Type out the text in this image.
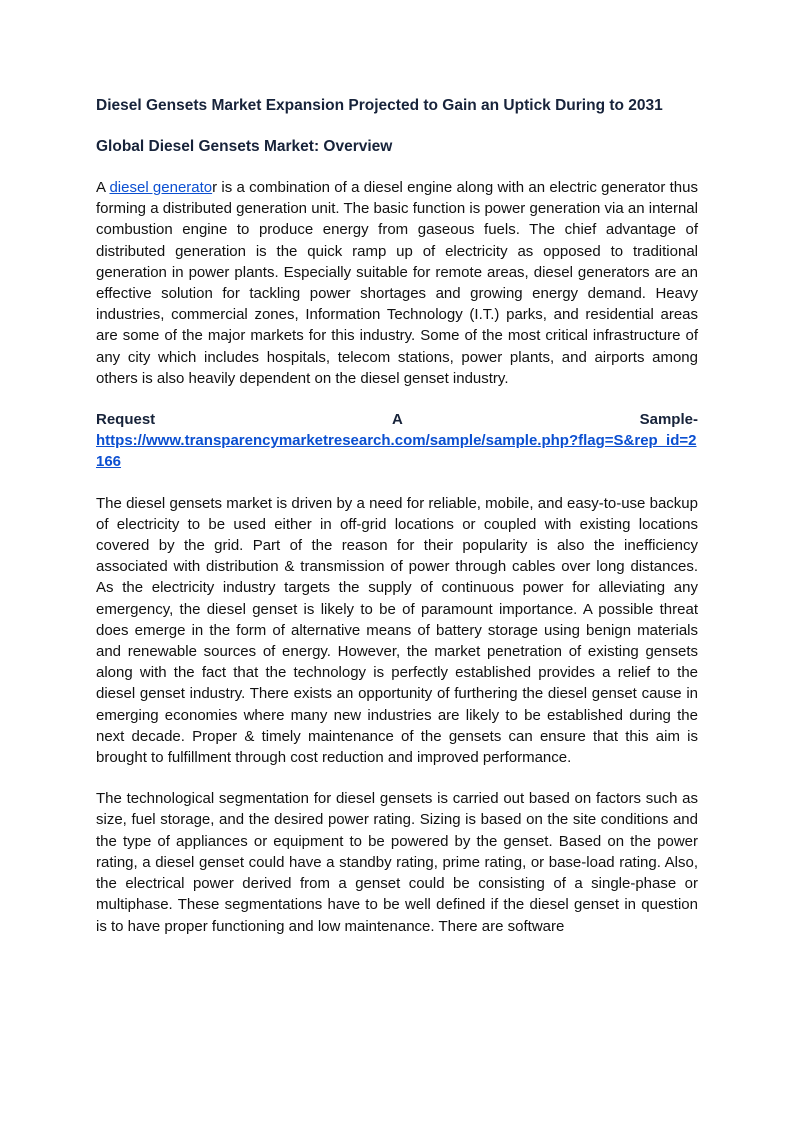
Diesel Gensets Market Expansion Projected to Gain an Uptick During to 2031
Global Diesel Gensets Market: Overview

A diesel generator is a combination of a diesel engine along with an electric generator thus forming a distributed generation unit. The basic function is power generation via an internal combustion engine to produce energy from gaseous fuels. The chief advantage of distributed generation is the quick ramp up of electricity as opposed to traditional generation in power plants. Especially suitable for remote areas, diesel generators are an effective solution for tackling power shortages and growing energy demand. Heavy industries, commercial zones, Information Technology (I.T.) parks, and residential areas are some of the major markets for this industry. Some of the most critical infrastructure of any city which includes hospitals, telecom stations, power plants, and airports among others is also heavily dependent on the diesel genset industry.

Request	A	Sample-
https://www.transparencymarketresearch.com/sample/sample.php?flag=S&rep_id=2166

The diesel gensets market is driven by a need for reliable, mobile, and easy-to-use backup of electricity to be used either in off-grid locations or coupled with existing locations covered by the grid. Part of the reason for their popularity is also the inefficiency associated with distribution & transmission of power through cables over long distances. As the electricity industry targets the supply of continuous power for alleviating any emergency, the diesel genset is likely to be of paramount importance. A possible threat does emerge in the form of alternative means of battery storage using benign materials and renewable sources of energy. However, the market penetration of existing gensets along with the fact that the technology is perfectly established provides a relief to the diesel genset industry. There exists an opportunity of furthering the diesel genset cause in emerging economies where many new industries are likely to be established during the next decade. Proper & timely maintenance of the gensets can ensure that this aim is brought to fulfillment through cost reduction and improved performance.

The technological segmentation for diesel gensets is carried out based on factors such as size, fuel storage, and the desired power rating. Sizing is based on the site conditions and the type of appliances or equipment to be powered by the genset. Based on the power rating, a diesel genset could have a standby rating, prime rating, or base-load rating. Also, the electrical power derived from a genset could be consisting of a single-phase or multiphase. These segmentations have to be well defined if the diesel genset in question is to have proper functioning and low maintenance. There are software
